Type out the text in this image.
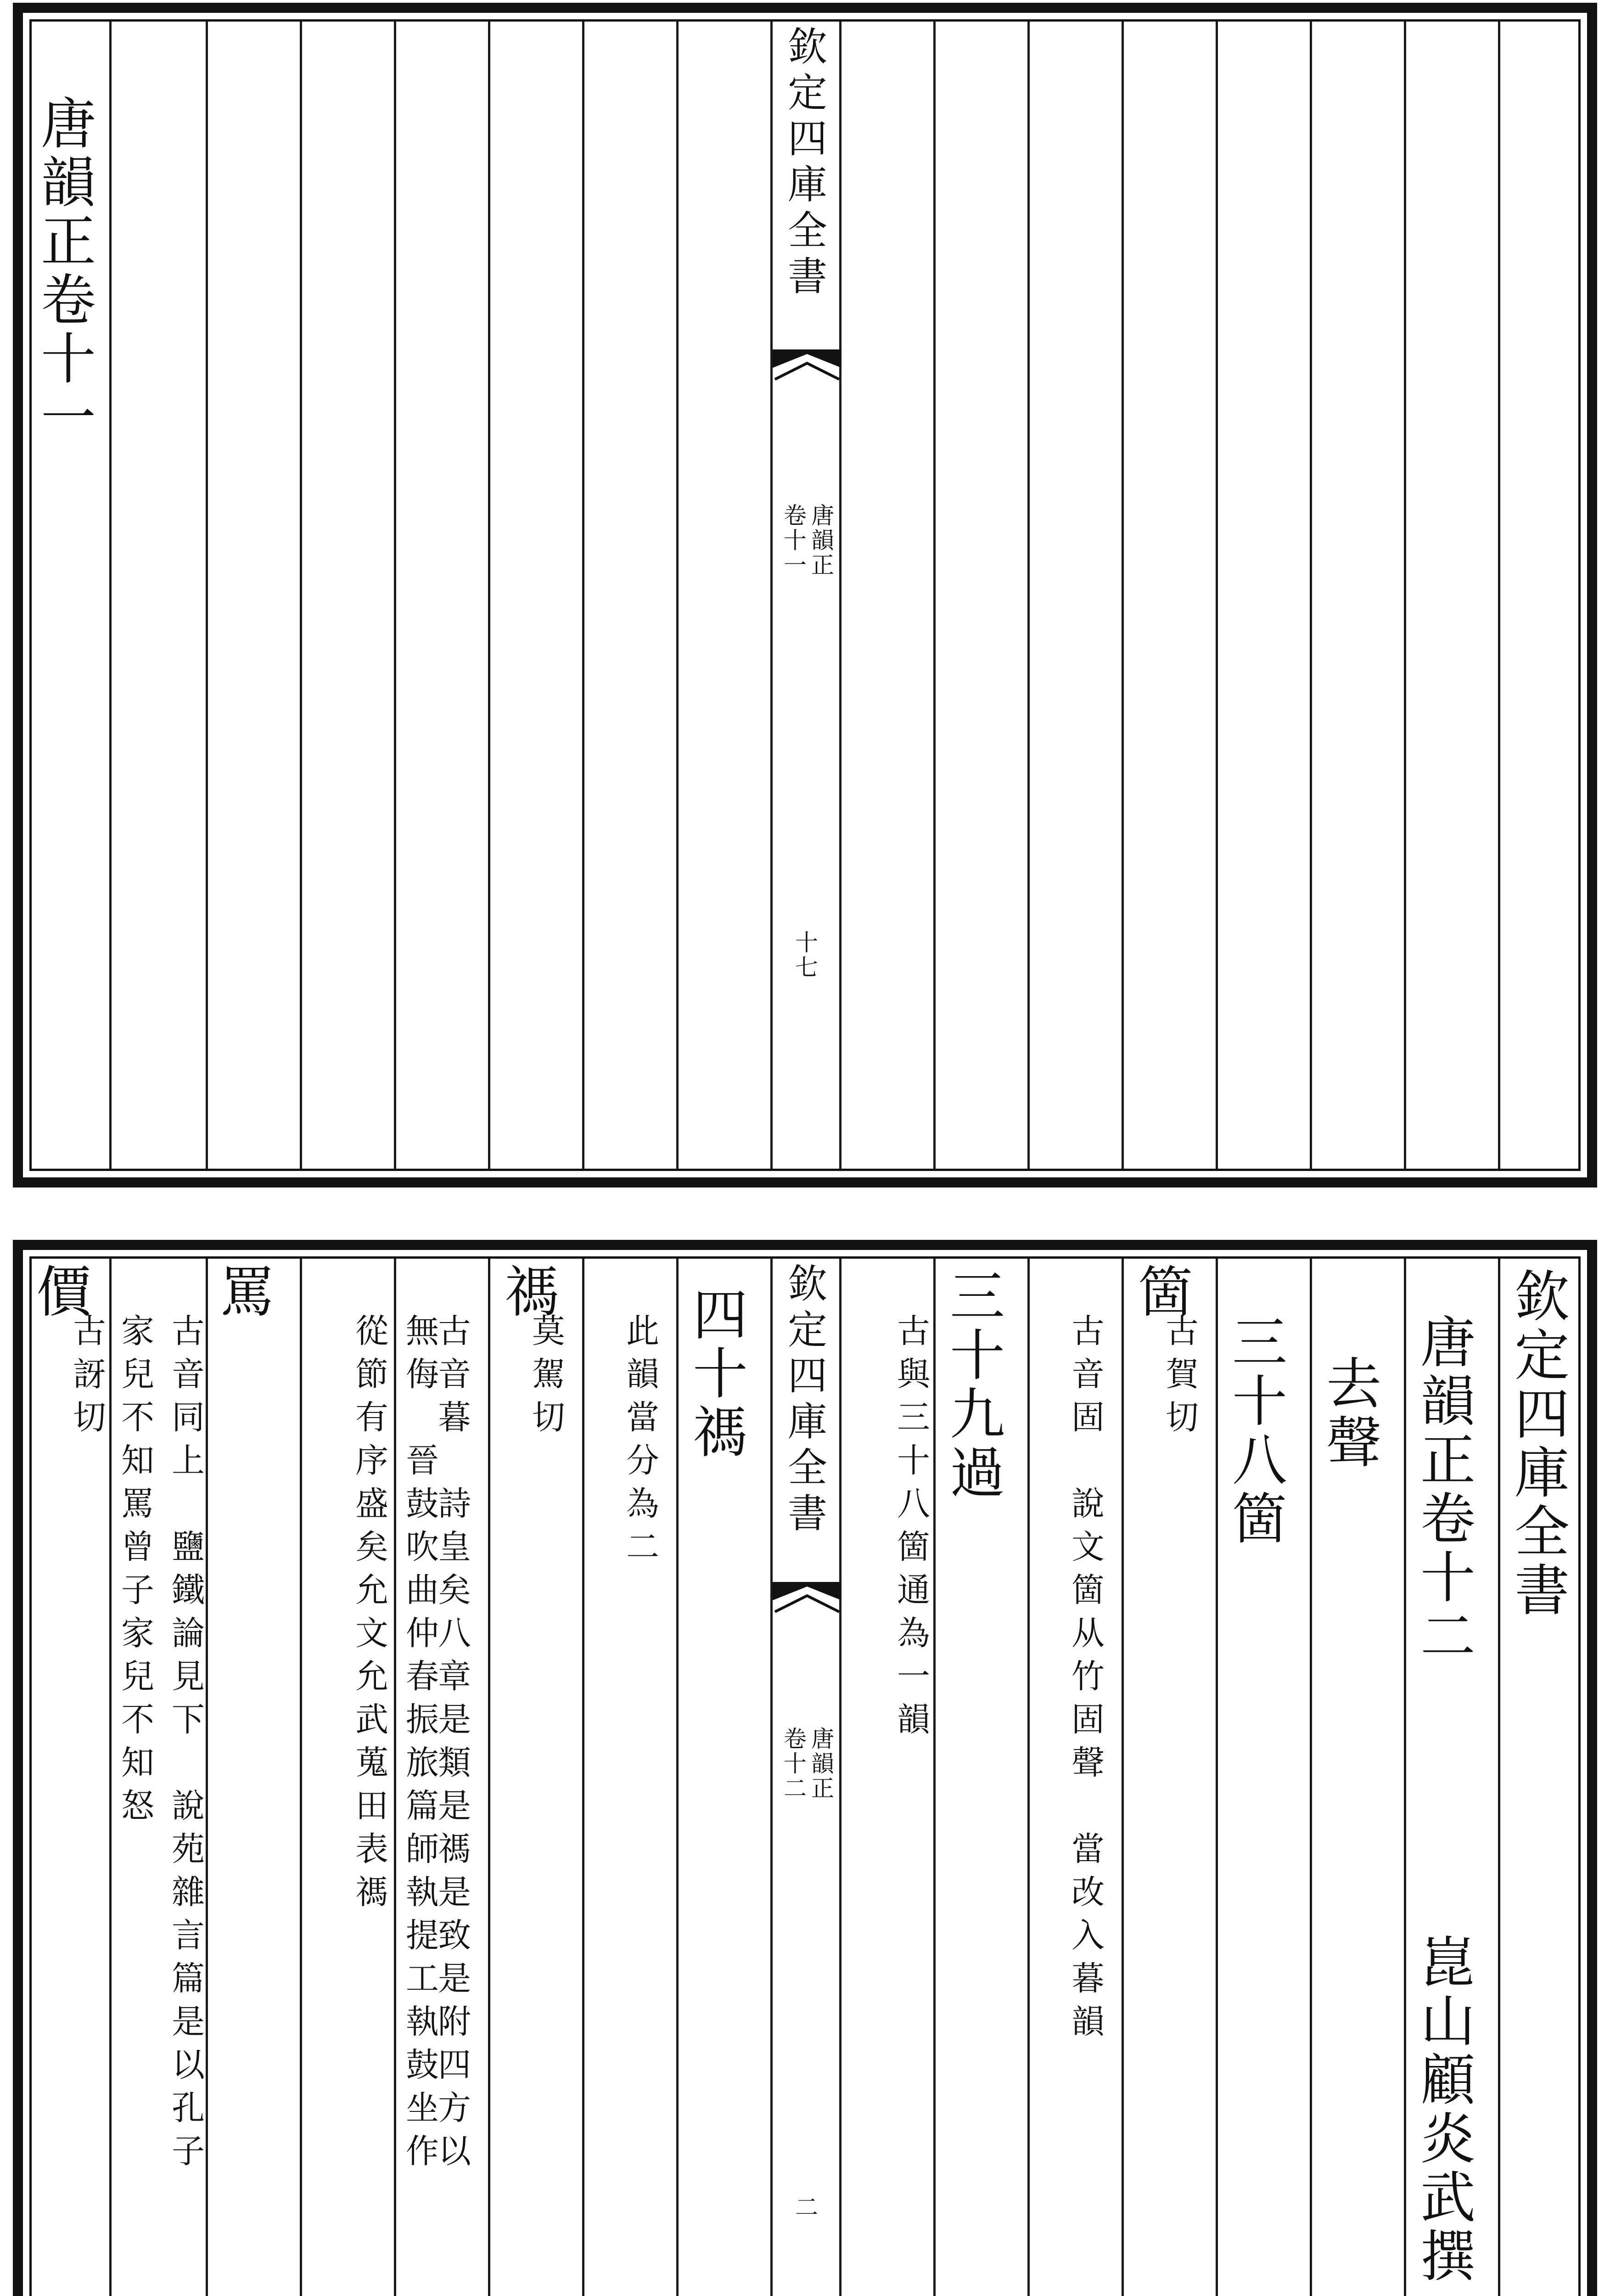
唐韻正卷十一	欽定四庫全書
唐韻正
卷十一
十七
欽定四庫全書
唐韻正卷十二
崑山顧炎武撰
去聲
三十八箇
古賀切
箇
古音固　說文箇从竹固聲　當改入暮韻
三十九過
古與三十八箇通為一韻
欽定四庫全書
唐韻正
卷十二
二
四十禡
此韻當分為二
莫駕切
禡
古音暮　詩皇矣八章是類是禡是致是附四方以
無侮　晉鼓吹曲仲春振旅篇師執提工執鼓坐作
從節有序盛矣允文允武蒐田表禡
罵
古音同上　鹽鐵論見下　說苑雜言篇是以孔子
家兒不知罵曾子家兒不知怒
古訝切
價
